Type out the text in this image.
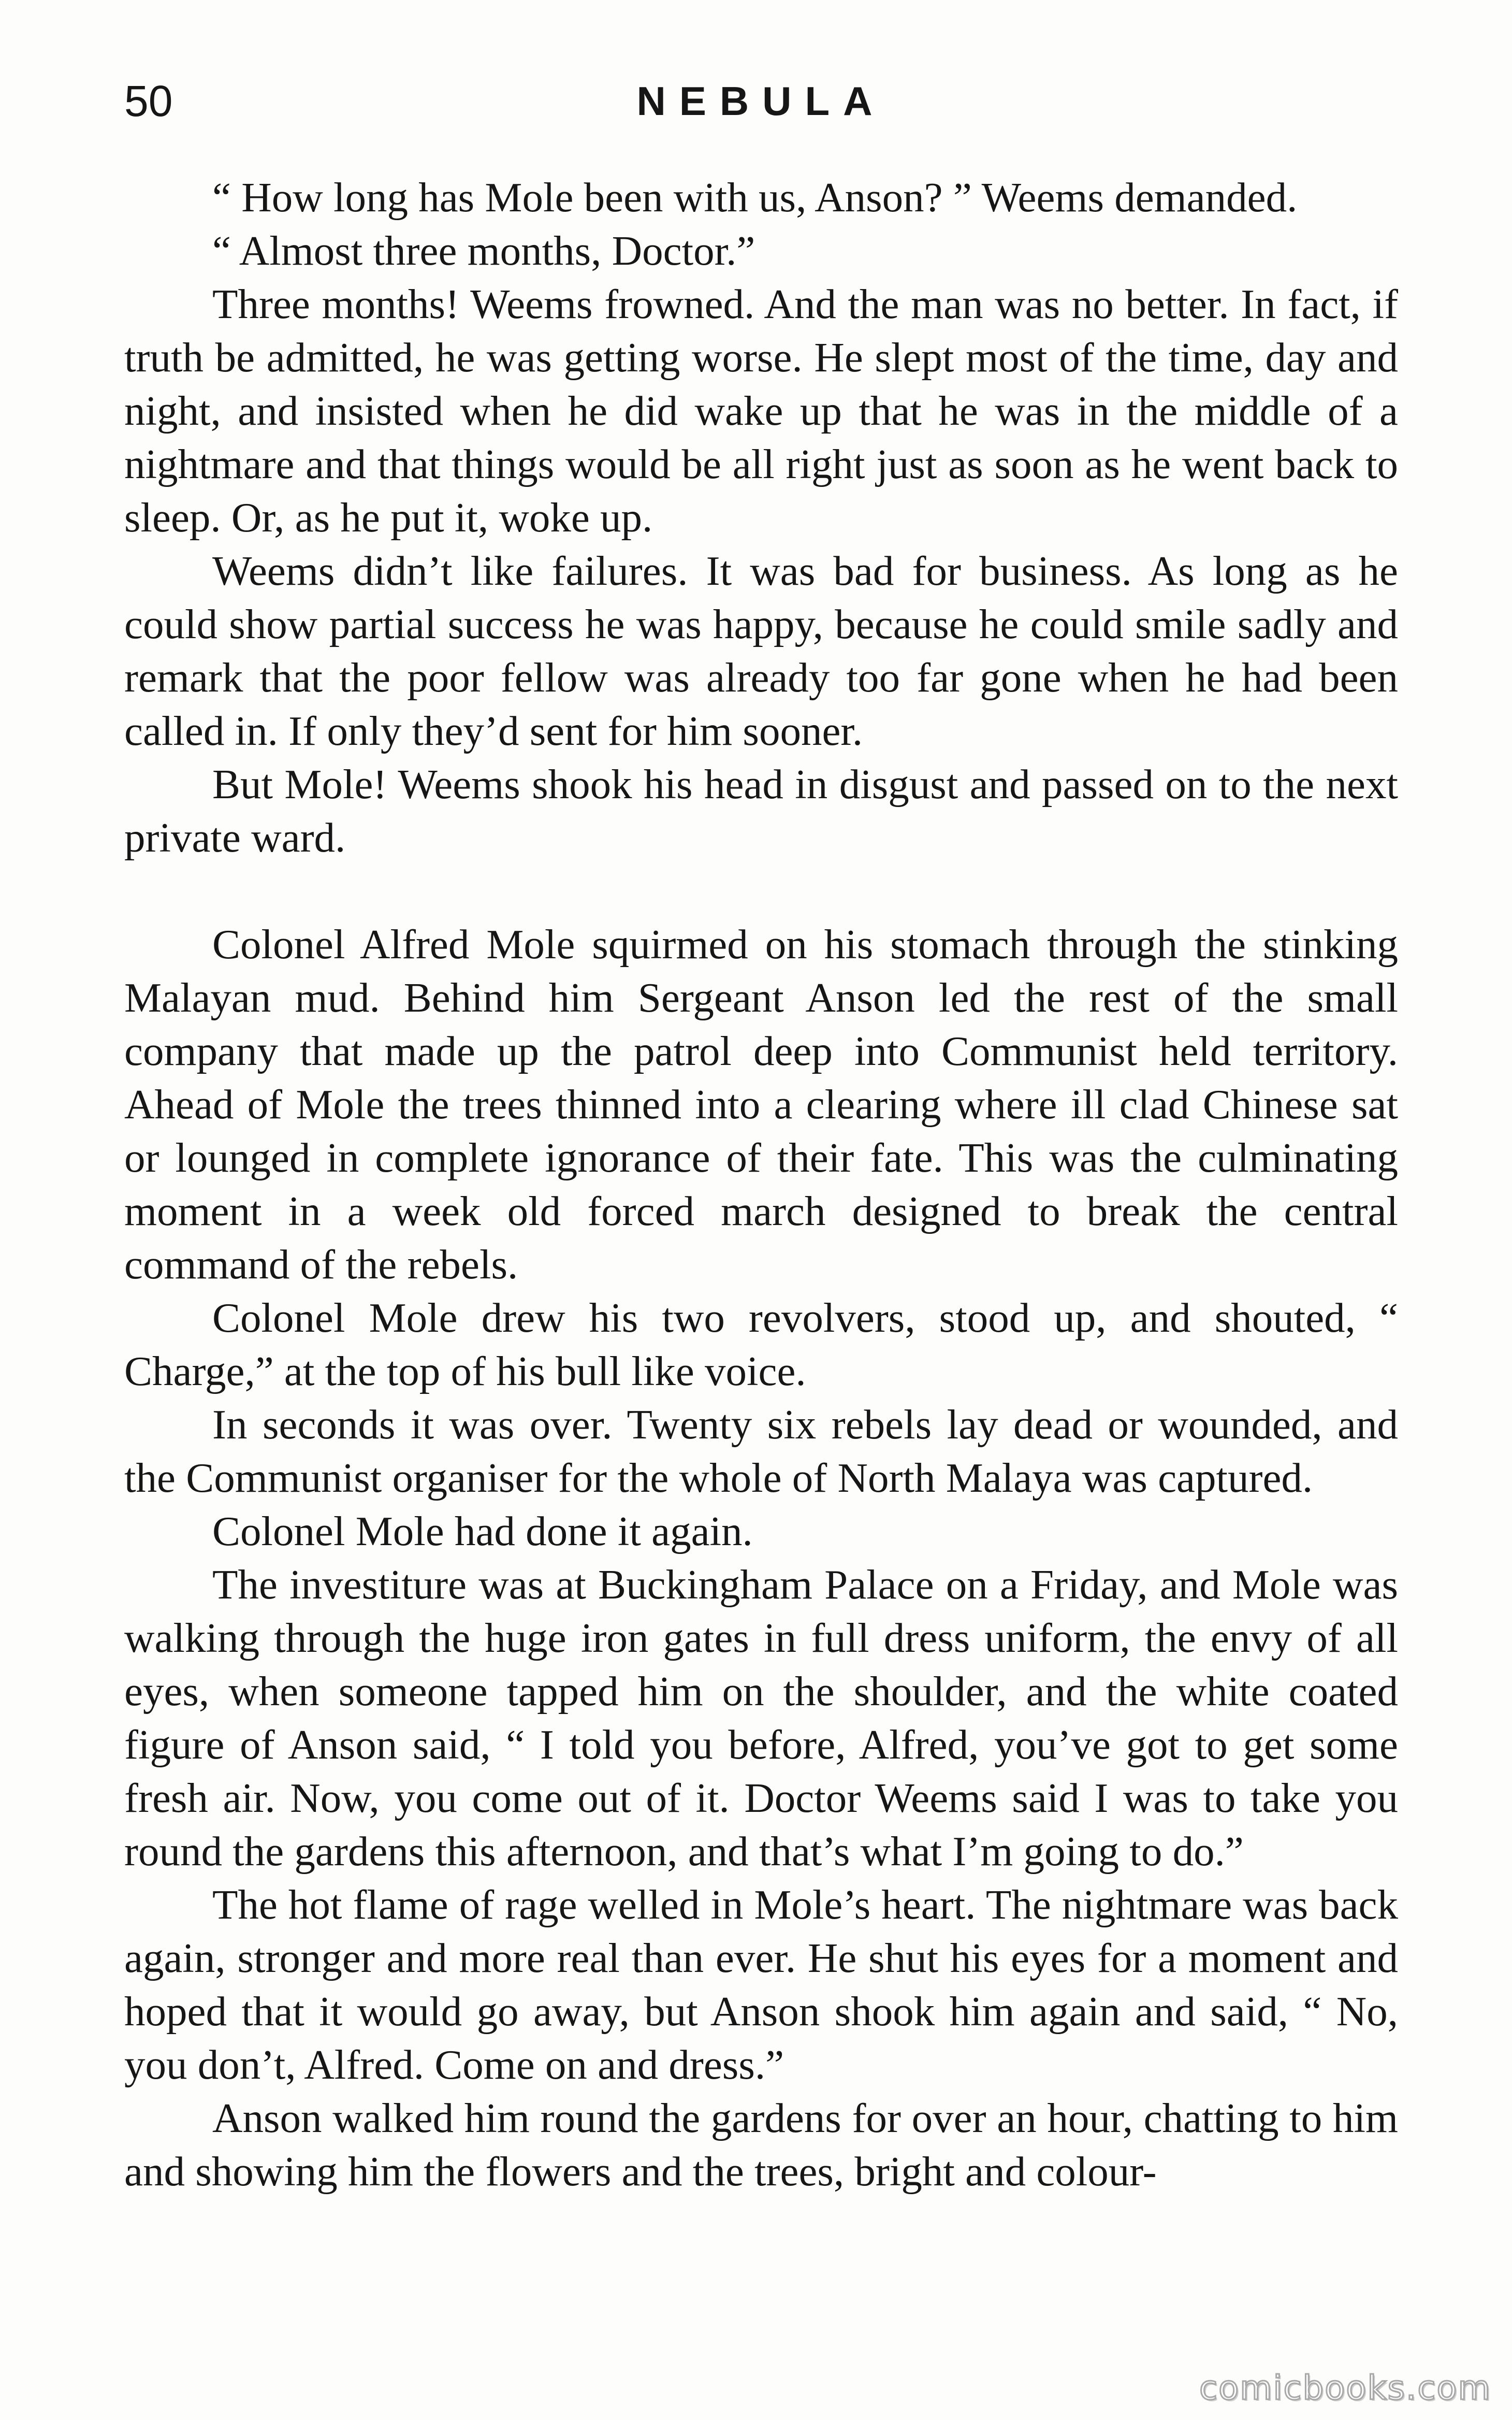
50	NEBULA

“ How long has Mole been with us, Anson? ” Weems demanded.

“ Almost three months, Doctor.”

Three months! Weems frowned. And the man was no better. In fact, if truth be admitted, he was getting worse. He slept most of the time, day and night, and insisted when he did wake up that he was in the middle of a nightmare and that things would be all right just as soon as he went back to sleep. Or, as he put it, woke up.

Weems didn’t like failures. It was bad for business. As long as he could show partial success he was happy, because he could smile sadly and remark that the poor fellow was already too far gone when he had been called in. If only they’d sent for him sooner.

But Mole! Weems shook his head in disgust and passed on to the next private ward.

Colonel Alfred Mole squirmed on his stomach through the stinking Malayan mud. Behind him Sergeant Anson led the rest of the small company that made up the patrol deep into Communist held territory. Ahead of Mole the trees thinned into a clearing where ill clad Chinese sat or lounged in complete ignorance of their fate. This was the culminating moment in a week old forced march designed to break the central command of the rebels.

Colonel Mole drew his two revolvers, stood up, and shouted, “ Charge,” at the top of his bull like voice.

In seconds it was over. Twenty six rebels lay dead or wounded, and the Communist organiser for the whole of North Malaya was captured.

Colonel Mole had done it again.

The investiture was at Buckingham Palace on a Friday, and Mole was walking through the huge iron gates in full dress uniform, the envy of all eyes, when someone tapped him on the shoulder, and the white coated figure of Anson said, “ I told you before, Alfred, you’ve got to get some fresh air. Now, you come out of it. Doctor Weems said I was to take you round the gardens this afternoon, and that’s what I’m going to do.”

The hot flame of rage welled in Mole’s heart. The nightmare was back again, stronger and more real than ever. He shut his eyes for a moment and hoped that it would go away, but Anson shook him again and said, “ No, you don’t, Alfred. Come on and dress.”

Anson walked him round the gardens for over an hour, chatting to him and showing him the flowers and the trees, bright and colour-

comicbooks.com
